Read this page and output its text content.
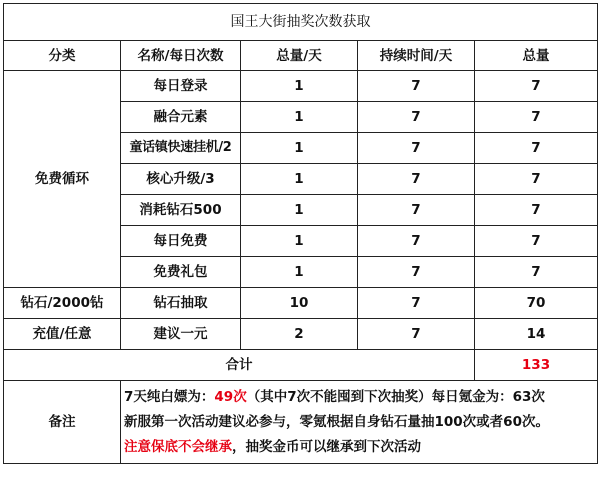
国王大街抽奖次数获取				
分类	名称/每日次数	总量/天	持续时间/天	总量
免费循环	每日登录	1	7	7
	融合元素	1	7	7
	童话镇快速挂机/2	1	7	7
	核心升级/3	1	7	7
	消耗钻石500	1	7	7
	每日免费	1	7	7
	免费礼包	1	7	7
钻石/2000钻	钻石抽取	10	7	70
充值/任意	建议一元	2	7	14
合计				133
备注	7天纯白嫖为：49次（其中7次不能囤到下次抽奖）每日氪金为：63次
新服第一次活动建议必参与，零氪根据自身钻石量抽100次或者60次。
注意保底不会继承，抽奖金币可以继承到下次活动			
